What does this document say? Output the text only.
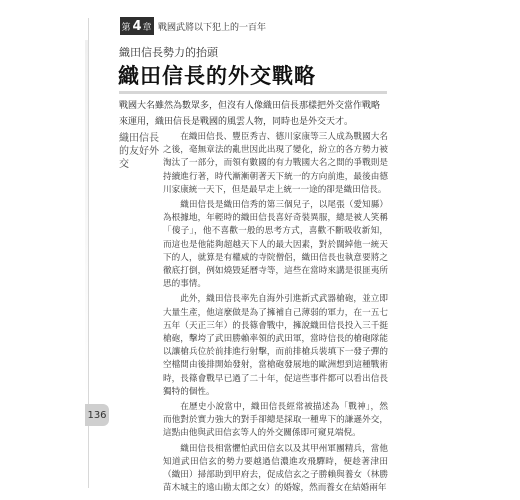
第 4 章 戰國武將以下犯上的一百年
織田信長勢力的抬頭
織田信長的外交戰略
戰國大名雖然為數眾多，但沒有人像織田信長那樣把外交當作戰略來運用，織田信長是戰國的風雲人物，同時也是外交天才。
織田信長
的友好外
交

在織田信長、豐臣秀吉、德川家康等三人成為戰國大名之後，毫無章法的亂世因此出現了變化，紛立的各方勢力被淘汰了一部分，而領有數國的有力戰國大名之間的爭戰則是持續進行著，時代漸漸朝著天下統一的方向前進，最後由德川家康統一天下，但是最早走上統一一途的卻是織田信長。

織田信長是織田信秀的第三個兒子，以尾張（愛知縣）為根據地，年輕時的織田信長喜好奇裝異服，總是被人笑稱「傻子」，他不喜歡一般的思考方式，喜歡不斷吸收新知，而這也是他能夠超越天下人的最大因素，對於闊綽他一統天下的人，就算是有權威的寺院僧侶，織田信長也執意要將之徹底打倒，例如燒毀延曆寺等，這些在當時來講是很匪夷所思的事情。

此外，織田信長率先自海外引進新式武器槍砲，並立即大量生產，他這麼做是為了擁補自己薄弱的軍力，在一五七五年（天正三年）的長篠會戰中，擁說織田信長投入三千挺槍砲，擊垮了武田勝賴率領的武田軍，當時信長的槍砲隊能以讓槍兵位於前排進行射擊，而前排槍兵裝填下一發子彈的空檔間由後排開始發射，當槍砲發展地的歐洲想到這種戰術時，長篠會戰早已過了二十年，促這些事件都可以看出信長獨特的個性。

在歷史小說當中，織田信長經常被描述為「戰神」，然而他對於實力強大的對手卻總是採取一種卑下的謙遜外交，這點由他與武田信玄等人的外交關係即可窺見端倪。

織田信長相當懼怕武田信玄以及其甲州軍團精兵，當他知道武田信玄的勢力要越過信濃進攻飛驒時，便趁著津田（織田）掃部助到甲府去，促成信玄之子勝賴與養女（林勝苗木城主的遠山勘太郎之女）的婚嫁，然而養女在結婚兩年

136
